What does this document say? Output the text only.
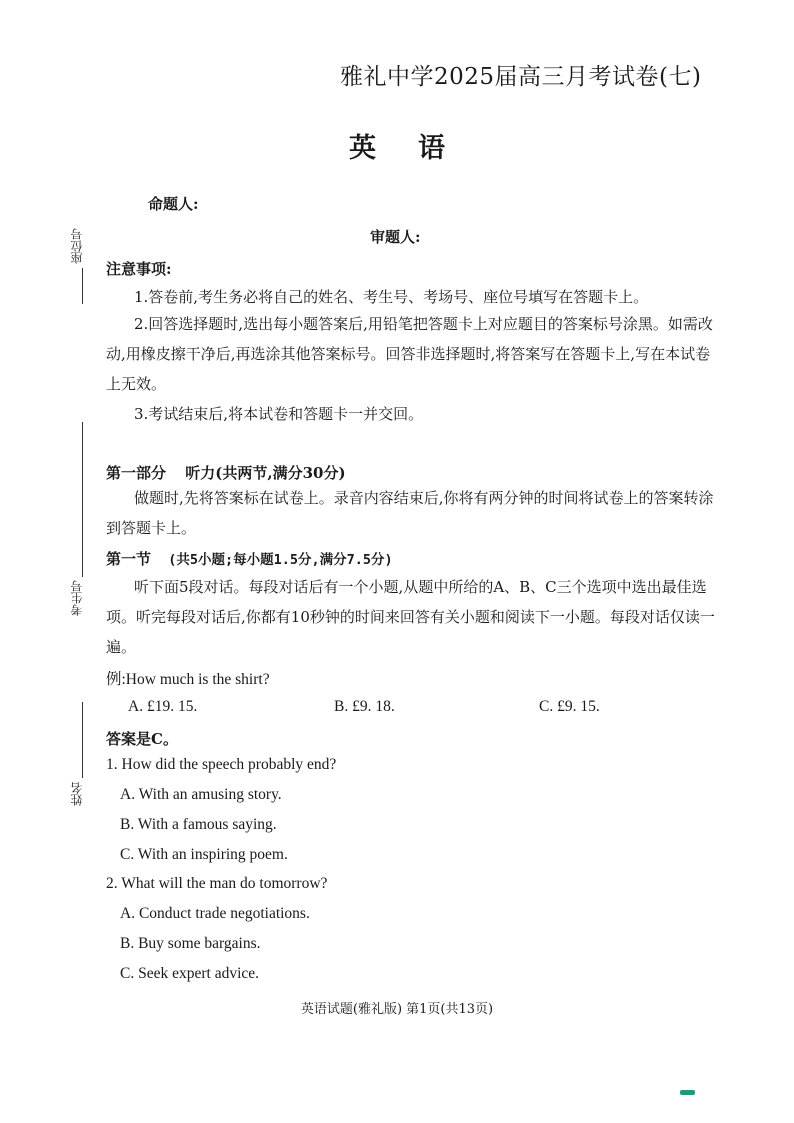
雅礼中学2025届高三月考试卷(七)
英语
命题人:
审题人:
座位号
考生号
姓名
注意事项:
1.答卷前,考生务必将自己的姓名、考生号、考场号、座位号填写在答题卡上。
2.回答选择题时,选出每小题答案后,用铅笔把答题卡上对应题目的答案标号涂黑。如需改
动,用橡皮擦干净后,再选涂其他答案标号。回答非选择题时,将答案写在答题卡上,写在本试卷
上无效。
3.考试结束后,将本试卷和答题卡一并交回。
第一部分 听力(共两节,满分30分)
做题时,先将答案标在试卷上。录音内容结束后,你将有两分钟的时间将试卷上的答案转涂
到答题卡上。
第一节 (共5小题;每小题1.5分,满分7.5分)
听下面5段对话。每段对话后有一个小题,从题中所给的A、B、C三个选项中选出最佳选
项。听完每段对话后,你都有10秒钟的时间来回答有关小题和阅读下一小题。每段对话仅读一
遍。
例:How much is the shirt?
A. £19. 15.	B. £9. 18.	C. £9. 15.
答案是C。
1. How did the speech probably end?
A. With an amusing story.
B. With a famous saying.
C. With an inspiring poem.
2. What will the man do tomorrow?
A. Conduct trade negotiations.
B. Buy some bargains.
C. Seek expert advice.
英语试题(雅礼版) 第1页(共13页)
